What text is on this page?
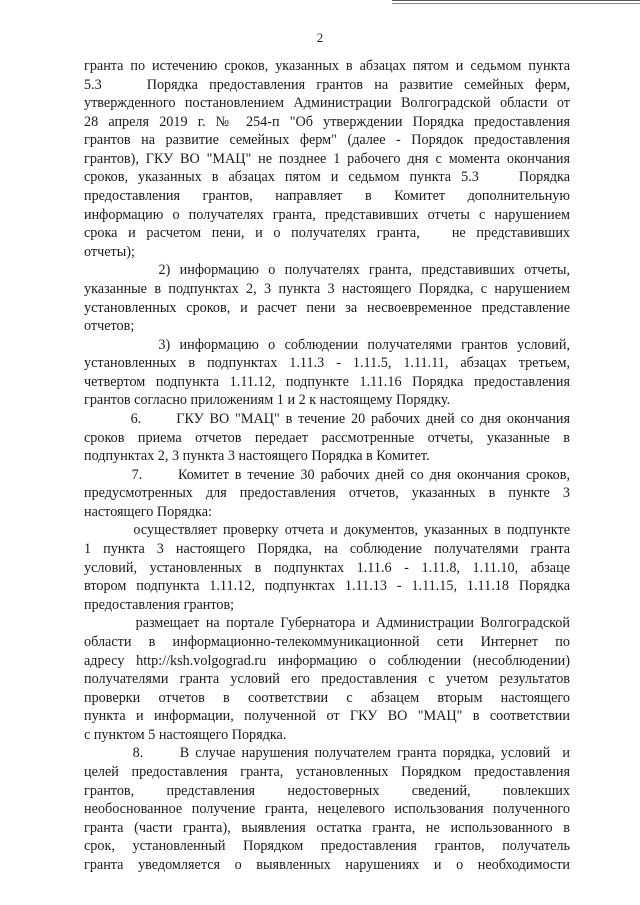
2
гранта по истечению сроков, указанных в абзацах пятом и седьмом пункта
5.3    Порядка предоставления грантов на развитие семейных ферм,
утвержденного постановлением Администрации Волгоградской области от
28 апреля 2019 г. № 254-п "Об утверждении Порядка предоставления
грантов на развитие семейных ферм" (далее - Порядок предоставления
грантов), ГКУ ВО "МАЦ" не позднее 1 рабочего дня с момента окончания
сроков, указанных в абзацах пятом и седьмом пункта 5.3    Порядка
предоставления грантов, направляет в Комитет дополнительную
информацию о получателях гранта, представивших отчеты с нарушением
срока и расчетом пени, и о получателях гранта,   не представивших
отчеты);
2) информацию о получателях гранта, представивших отчеты,
указанные в подпунктах 2, 3 пункта 3 настоящего Порядка, с нарушением
установленных сроков, и расчет пени за несвоевременное представление
отчетов;
3) информацию о соблюдении получателями грантов условий,
установленных в подпунктах 1.11.3 - 1.11.5, 1.11.11, абзацах третьем,
четвертом подпункта 1.11.12, подпункте 1.11.16 Порядка предоставления
грантов согласно приложениям 1 и 2 к настоящему Порядку.
6.      ГКУ ВО "МАЦ" в течение 20 рабочих дней со дня окончания
сроков приема отчетов передает рассмотренные отчеты, указанные в
подпунктах 2, 3 пункта 3 настоящего Порядка в Комитет.
7.      Комитет в течение 30 рабочих дней со дня окончания сроков,
предусмотренных для предоставления отчетов, указанных в пункте 3
настоящего Порядка:
осуществляет проверку отчета и документов, указанных в подпункте
1 пункта 3 настоящего Порядка, на соблюдение получателями гранта
условий, установленных в подпунктах 1.11.6 - 1.11.8, 1.11.10, абзаце
втором подпункта 1.11.12, подпунктах 1.11.13 - 1.11.15, 1.11.18 Порядка
предоставления грантов;
размещает на портале Губернатора и Администрации Волгоградской
области в информационно-телекоммуникационной сети Интернет по
адресу http://ksh.volgograd.ru информацию о соблюдении (несоблюдении)
получателями гранта условий его предоставления с учетом результатов
проверки отчетов в соответствии с абзацем вторым настоящего
пункта и информации, полученной от ГКУ ВО "МАЦ" в соответствии
с пунктом 5 настоящего Порядка.
8.      В случае нарушения получателем гранта порядка, условий  и
целей предоставления гранта, установленных Порядком предоставления
грантов, представления недостоверных сведений, повлекших
необоснованное получение гранта, нецелевого использования полученного
гранта (части гранта), выявления остатка гранта, не использованного в
срок, установленный Порядком предоставления грантов, получатель
гранта уведомляется о выявленных нарушениях и о необходимости
